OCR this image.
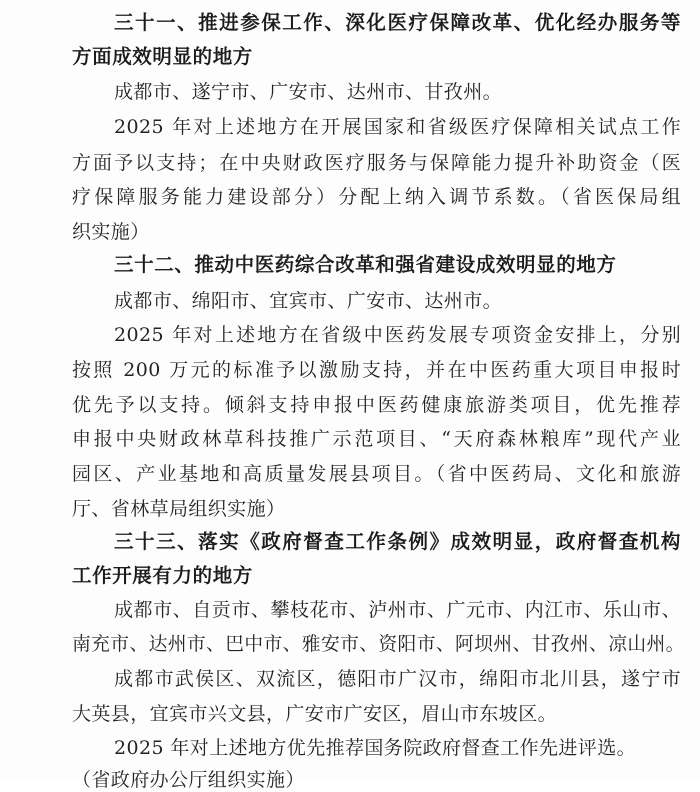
三十一、推进参保工作、深化医疗保障改革、优化经办服务等
方面成效明显的地方
成都市、遂宁市、广安市、达州市、甘孜州。
2025 年对上述地方在开展国家和省级医疗保障相关试点工作
方面予以支持；在中央财政医疗服务与保障能力提升补助资金（医
疗保障服务能力建设部分）分配上纳入调节系数。（省医保局组
织实施）
三十二、推动中医药综合改革和强省建设成效明显的地方
成都市、绵阳市、宜宾市、广安市、达州市。
2025 年对上述地方在省级中医药发展专项资金安排上，分别
按照 200 万元的标准予以激励支持，并在中医药重大项目申报时
优先予以支持。倾斜支持申报中医药健康旅游类项目，优先推荐
申报中央财政林草科技推广示范项目、“天府森林粮库”现代产业
园区、产业基地和高质量发展县项目。（省中医药局、文化和旅游
厅、省林草局组织实施）
三十三、落实《政府督查工作条例》成效明显，政府督查机构
工作开展有力的地方
成都市、自贡市、攀枝花市、泸州市、广元市、内江市、乐山市、
南充市、达州市、巴中市、雅安市、资阳市、阿坝州、甘孜州、凉山州。
成都市武侯区、双流区，德阳市广汉市，绵阳市北川县，遂宁市
大英县，宜宾市兴文县，广安市广安区，眉山市东坡区。
2025 年对上述地方优先推荐国务院政府督查工作先进评选。
（省政府办公厅组织实施）
